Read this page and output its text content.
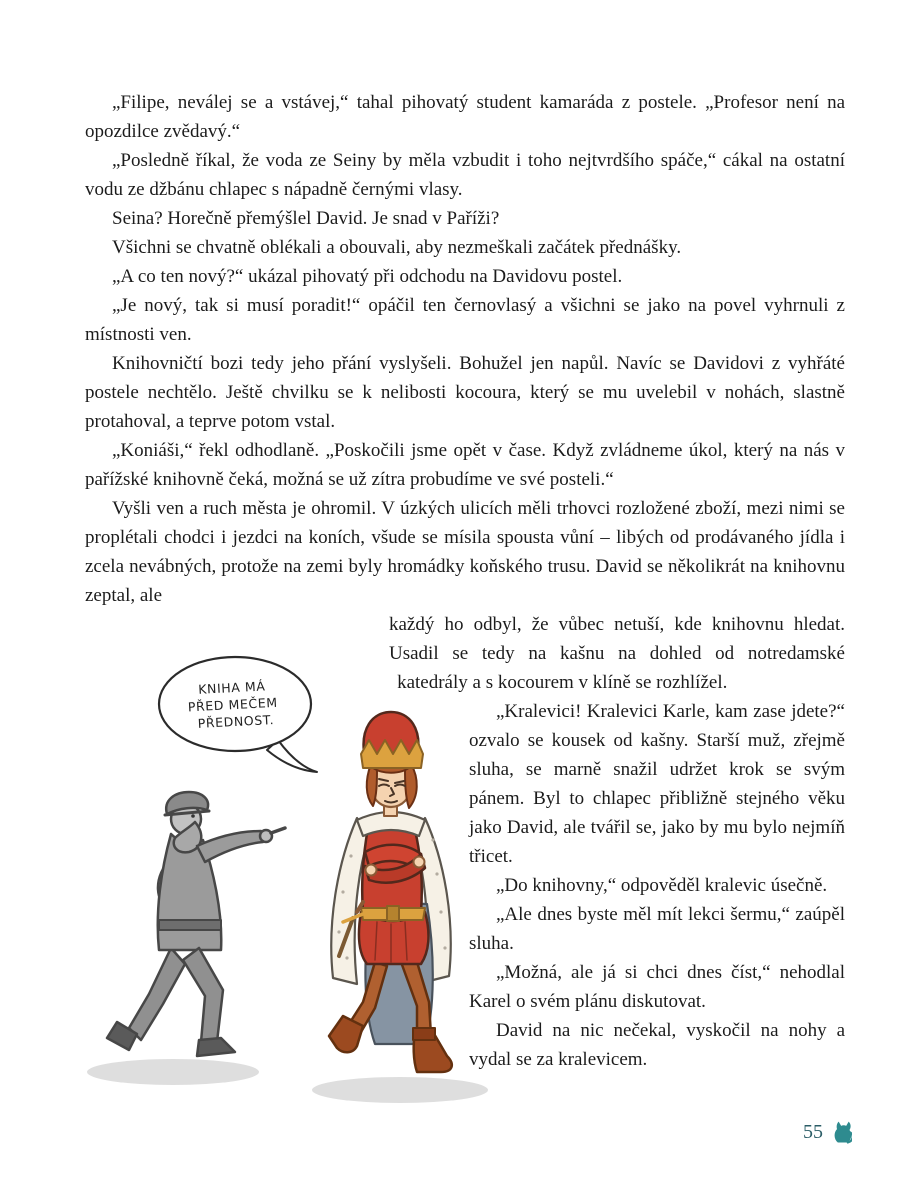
„Filipe, neválej se a vstávej,“ tahal pihovatý student kamaráda z postele. „Profesor není na opozdilce zvědavý.“

„Posledně říkal, že voda ze Seiny by měla vzbudit i toho nejtvrdšího spáče,“ cákal na ostatní vodu ze džbánu chlapec s nápadně černými vlasy.

Seina? Horečně přemýšlel David. Je snad v Paříži?

Všichni se chvatně oblékali a obouvali, aby nezmeškali začátek přednášky.

„A co ten nový?“ ukázal pihovatý při odchodu na Davidovu postel.

„Je nový, tak si musí poradit!“ opáčil ten černovlasý a všichni se jako na povel vyhrnuli z místnosti ven.

Knihovničtí bozi tedy jeho přání vyslyšeli. Bohužel jen napůl. Navíc se Davidovi z vyhřáté postele nechtělo. Ještě chvilku se k nelibosti kocoura, který se mu uvelebil v nohách, slastně protahoval, a teprve potom vstal.

„Koniáši,“ řekl odhodlaně. „Poskočili jsme opět v čase. Když zvládneme úkol, který na nás v pařížské knihovně čeká, možná se už zítra probudíme ve své posteli.“

Vyšli ven a ruch města je ohromil. V úzkých ulicích měli trhovci rozložené zboží, mezi nimi se proplétali chodci i jezdci na koních, všude se mísila spousta vůní – libých od prodávaného jídla i zcela nevábných, protože na zemi byly hromádky koňského trusu. David se několikrát na knihovnu zeptal, ale

KNIHA MÁ PŘED MEČEM PŘEDNOST.

každý ho odbyl, že vůbec netuší, kde knihovnu hledat. Usadil se tedy na kašnu na dohled od notredamské katedrály a s kocourem v klíně se rozhlížel.

„Kralevici! Kralevici Karle, kam zase jdete?“ ozvalo se kousek od kašny. Starší muž, zřejmě sluha, se marně snažil udržet krok se svým pánem. Byl to chlapec přibližně stejného věku jako David, ale tvářil se, jako by mu bylo nejmíň třicet.

„Do knihovny,“ odpověděl kralevic úsečně.

„Ale dnes byste měl mít lekci šermu,“ zaúpěl sluha.

„Možná, ale já si chci dnes číst,“ nehodlal Karel o svém plánu diskutovat.

David na nic nečekal, vyskočil na nohy a vydal se za kralevicem.

55
